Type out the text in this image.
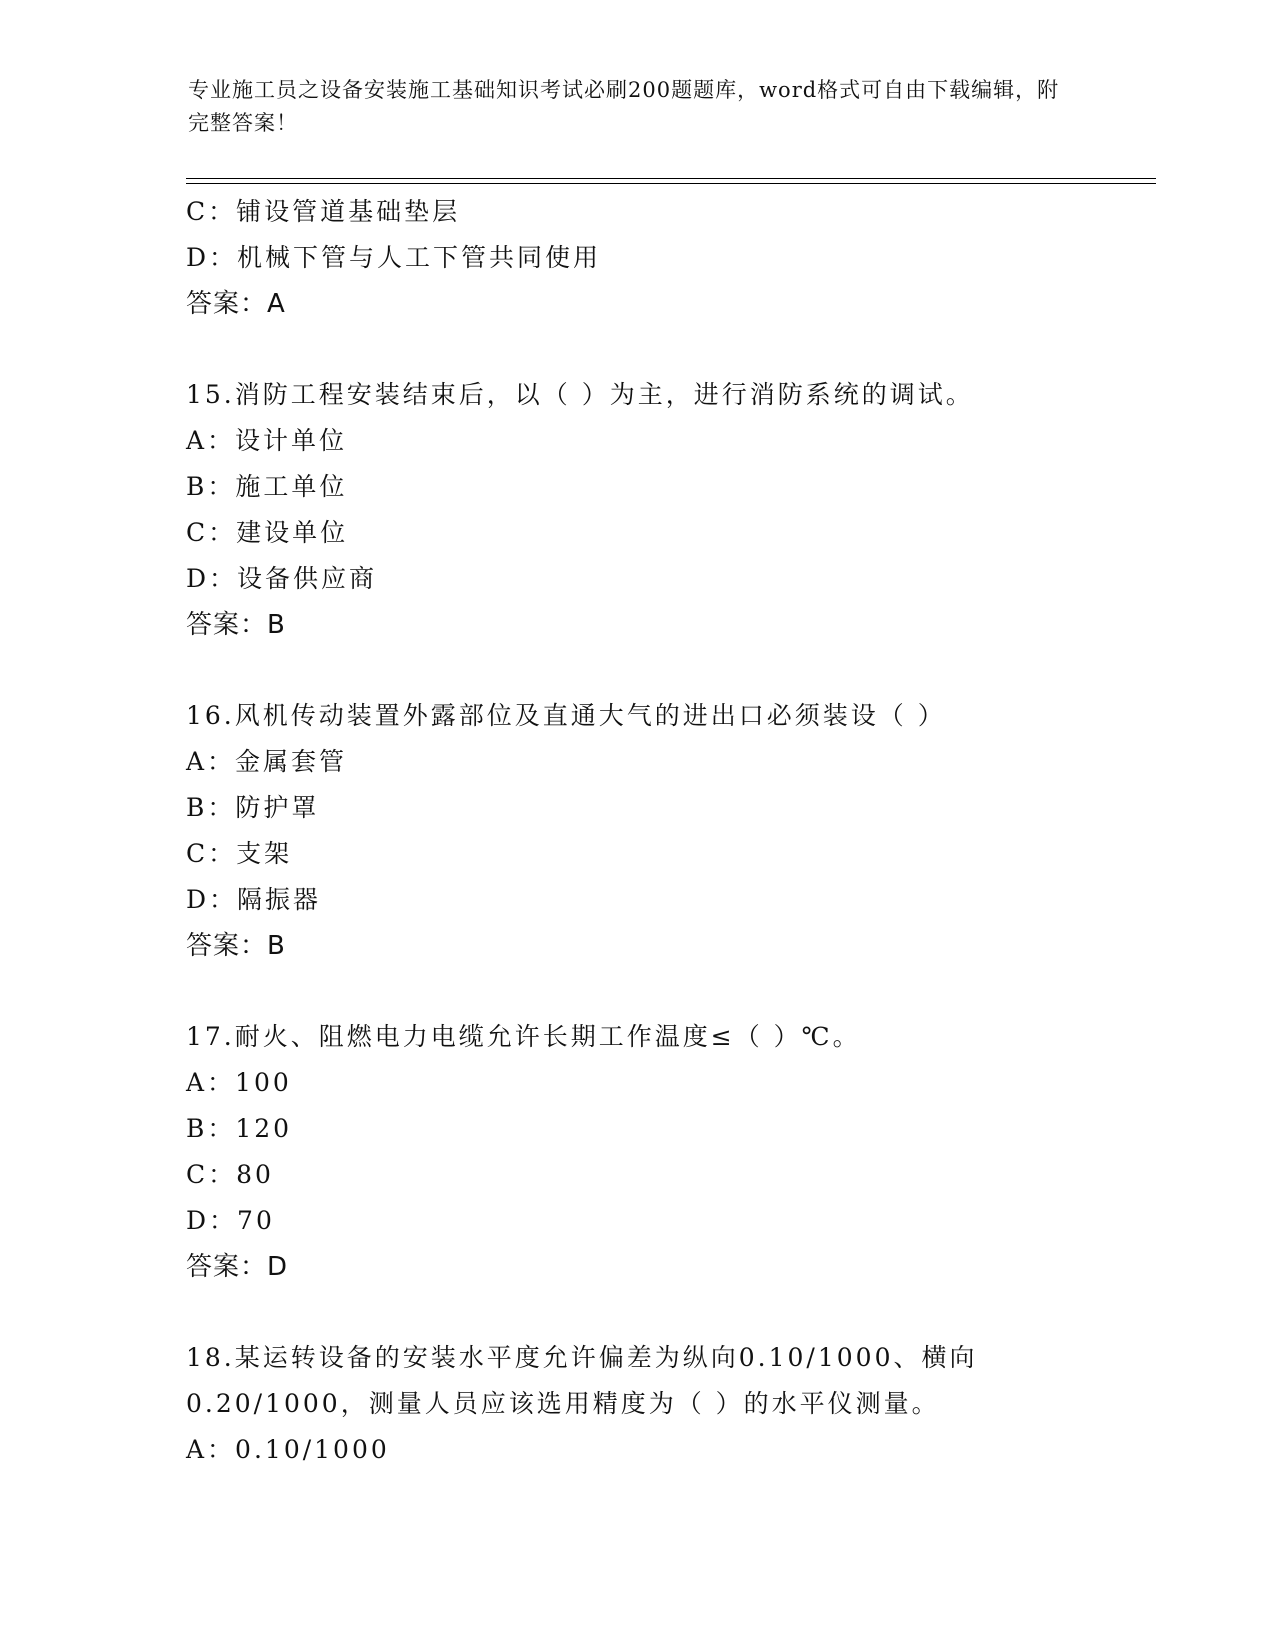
专业施工员之设备安装施工基础知识考试必刷200题题库，word格式可自由下载编辑，附完整答案！
C：铺设管道基础垫层
D：机械下管与人工下管共同使用
答案：A
15.消防工程安装结束后，以（ ）为主，进行消防系统的调试。
A：设计单位
B：施工单位
C：建设单位
D：设备供应商
答案：B
16.风机传动装置外露部位及直通大气的进出口必须装设（ ）
A：金属套管
B：防护罩
C：支架
D：隔振器
答案：B
17.耐火、阻燃电力电缆允许长期工作温度≤（ ）℃。
A：100
B：120
C：80
D：70
答案：D
18.某运转设备的安装水平度允许偏差为纵向0.10/1000、横向
0.20/1000，测量人员应该选用精度为（ ）的水平仪测量。
A：0.10/1000
